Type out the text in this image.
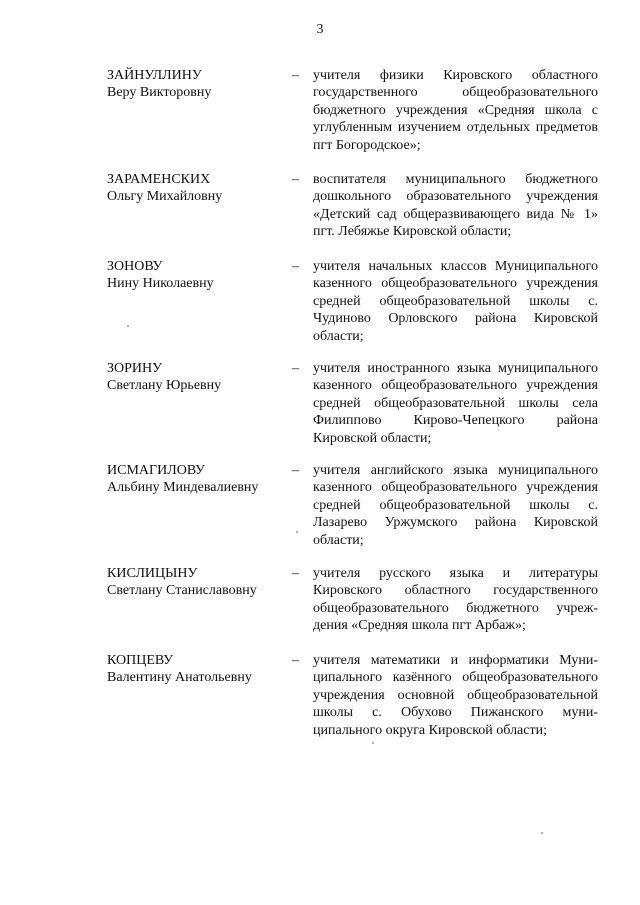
3
ЗАЙНУЛЛИНУ
Веру Викторовну
– учителя физики Кировского областного государственного общеобразовательного бюджетного учреждения «Средняя школа с углубленным изучением отдельных предметов пгт Богородское»;
ЗАРАМЕНСКИХ
Ольгу Михайловну
– воспитателя муниципального бюджетного дошкольного образовательного учреждения «Детский сад общеразвивающего вида № 1» пгт. Лебяжье Кировской области;
ЗОНОВУ
Нину Николаевну
– учителя начальных классов Муниципального казенного общеобразовательного учреждения средней общеобразовательной школы с. Чудиново Орловского района Кировской области;
ЗОРИНУ
Светлану Юрьевну
– учителя иностранного языка муниципального казенного общеобразовательного учреждения средней общеобразовательной школы села Филиппово Кирово-Чепецкого района Кировской области;
ИСМАГИЛОВУ
Альбину Миндевалиевну
– учителя английского языка муниципального казенного общеобразовательного учреждения средней общеобразовательной школы с. Лазарево Уржумского района Кировской области;
КИСЛИЦЫНУ
Светлану Станиславовну
– учителя русского языка и литературы Кировского областного государственного общеобразовательного бюджетного учреждения «Средняя школа пгт Арбаж»;
КОПЦЕВУ
Валентину Анатольевну
– учителя математики и информатики Муниципального казённого общеобразовательного учреждения основной общеобразовательной школы с. Обухово Пижанского муниципального округа Кировской области;
